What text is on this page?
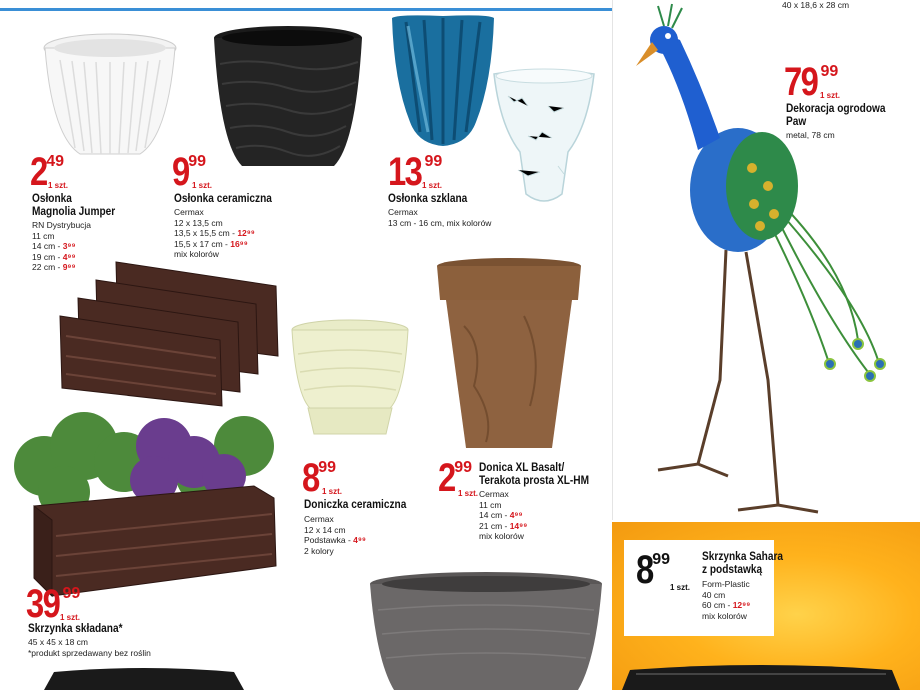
40 x 18,6 x 28 cm
2 49
1 szt.
Osłonka
Magnolia Jumper
RN Dystrybucja
11 cm
14 cm - 3⁹⁹
19 cm - 4⁹⁹
22 cm - 9⁹⁹
9 99
1 szt.
Osłonka ceramiczna
Cermax
12 x 13,5 cm
13,5 x 15,5 cm - 12⁹⁹
15,5 x 17 cm - 16⁹⁹
mix kolorów
13 99
1 szt.
Osłonka szklana
Cermax
13 cm - 16 cm, mix kolorów
79 99
1 szt.
Dekoracja ogrodowa
Paw
metal, 78 cm
8 99
1 szt.
Doniczka ceramiczna
Cermax
12 x 14 cm
Podstawka - 4⁹⁹
2 kolory
2 99
1 szt.
Donica XL Basalt/
Terakota prosta XL-HM
Cermax
11 cm
14 cm - 4⁹⁹
21 cm - 14⁹⁹
mix kolorów
39 99
1 szt.
Skrzynka składana*
45 x 45 x 18 cm
*produkt sprzedawany bez roślin
8 99
1 szt.
Skrzynka Sahara
z podstawką
Form-Plastic
40 cm
60 cm - 12⁹⁹
mix kolorów
